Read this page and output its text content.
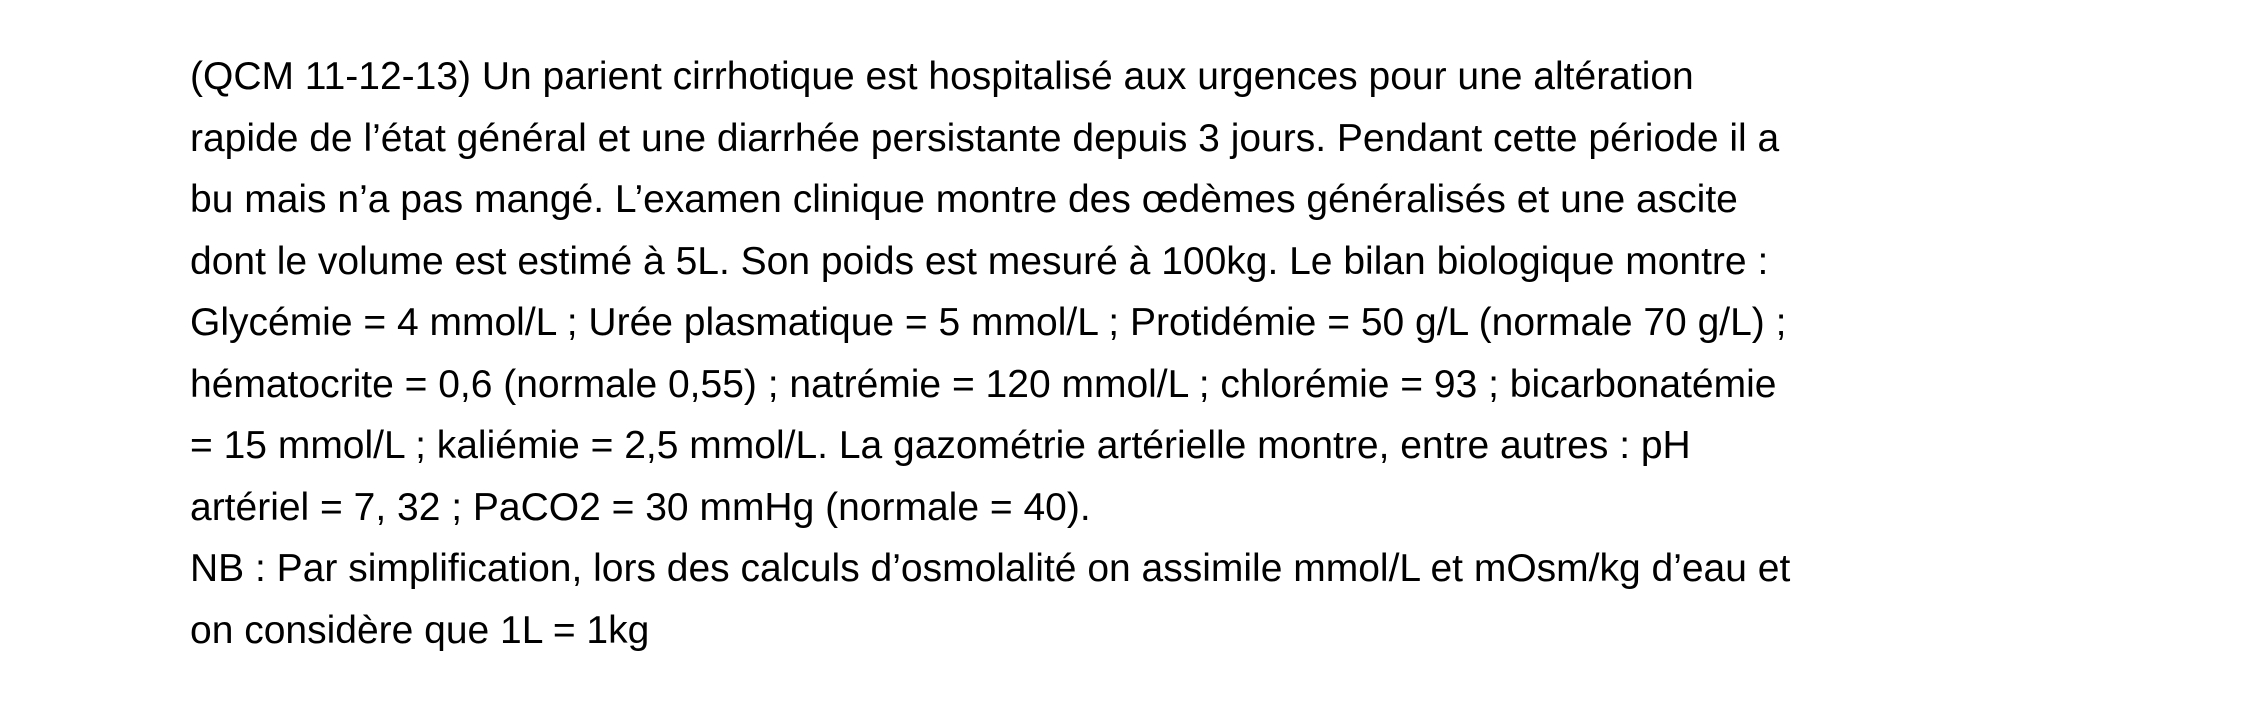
(QCM 11-12-13) Un parient cirrhotique est hospitalisé aux urgences pour une altération
rapide de l’état général et une diarrhée persistante depuis 3 jours. Pendant cette période il a
bu mais n’a pas mangé. L’examen clinique montre des œdèmes généralisés et une ascite
dont le volume est estimé à 5L. Son poids est mesuré à 100kg. Le bilan biologique montre :
Glycémie = 4 mmol/L ; Urée plasmatique = 5 mmol/L ; Protidémie = 50 g/L (normale 70 g/L) ;
hématocrite = 0,6 (normale 0,55) ; natrémie = 120 mmol/L ; chlorémie = 93 ; bicarbonatémie
= 15 mmol/L ; kaliémie = 2,5 mmol/L. La gazométrie artérielle montre, entre autres : pH
artériel = 7, 32 ; PaCO2 = 30 mmHg (normale = 40).
NB : Par simplification, lors des calculs d’osmolalité on assimile mmol/L et mOsm/kg d’eau et
on considère que 1L = 1kg
